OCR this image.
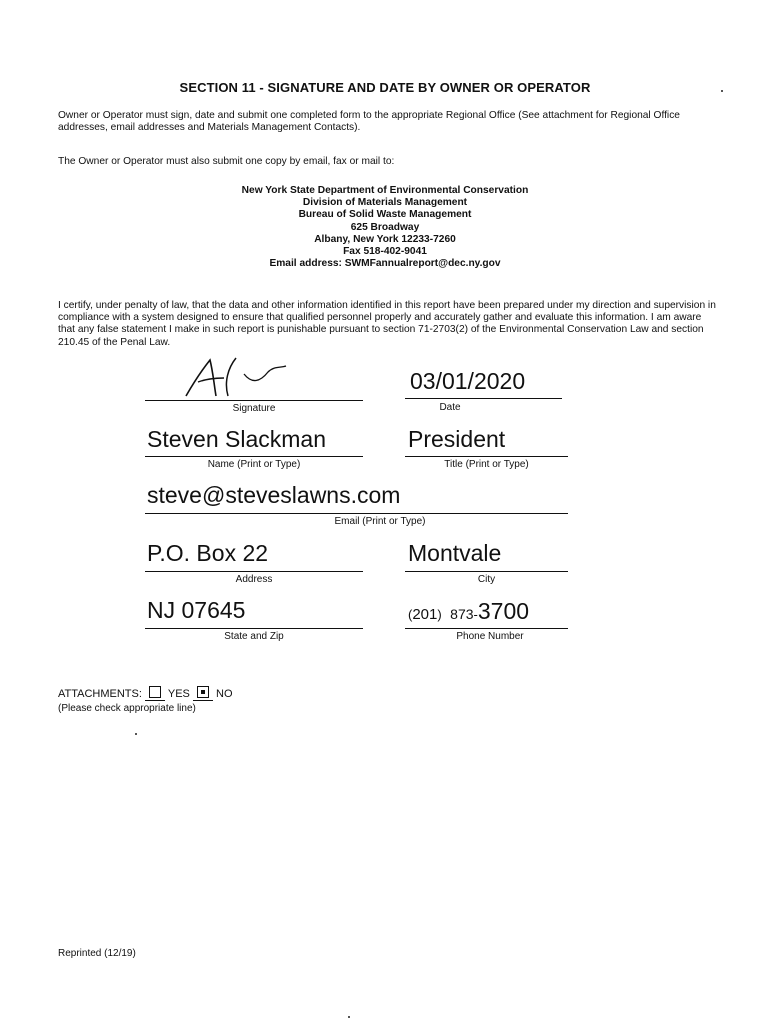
SECTION 11 - SIGNATURE AND DATE BY OWNER OR OPERATOR
Owner or Operator must sign, date and submit one completed form to the appropriate Regional Office (See attachment for Regional Office addresses, email addresses and Materials Management Contacts).
The Owner or Operator must also submit one copy by email, fax or mail to:
New York State Department of Environmental Conservation
Division of Materials Management
Bureau of Solid Waste Management
625 Broadway
Albany, New York 12233-7260
Fax 518-402-9041
Email address: SWMFannualreport@dec.ny.gov
I certify, under penalty of law, that the data and other information identified in this report have been prepared under my direction and supervision in compliance with a system designed to ensure that qualified personnel properly and accurately gather and evaluate this information. I am aware that any false statement I make in such report is punishable pursuant to section 71-2703(2) of the Environmental Conservation Law and section 210.45 of the Penal Law.
Signature
03/01/2020
Date
Steven Slackman
Name (Print or Type)
President
Title (Print or Type)
steve@steveslawns.com
Email (Print or Type)
P.O. Box 22
Address
Montvale
City
NJ 07645
State and Zip
(201) 873-3700
Phone Number
ATTACHMENTS: YES NO
(Please check appropriate line)
Reprinted (12/19)
